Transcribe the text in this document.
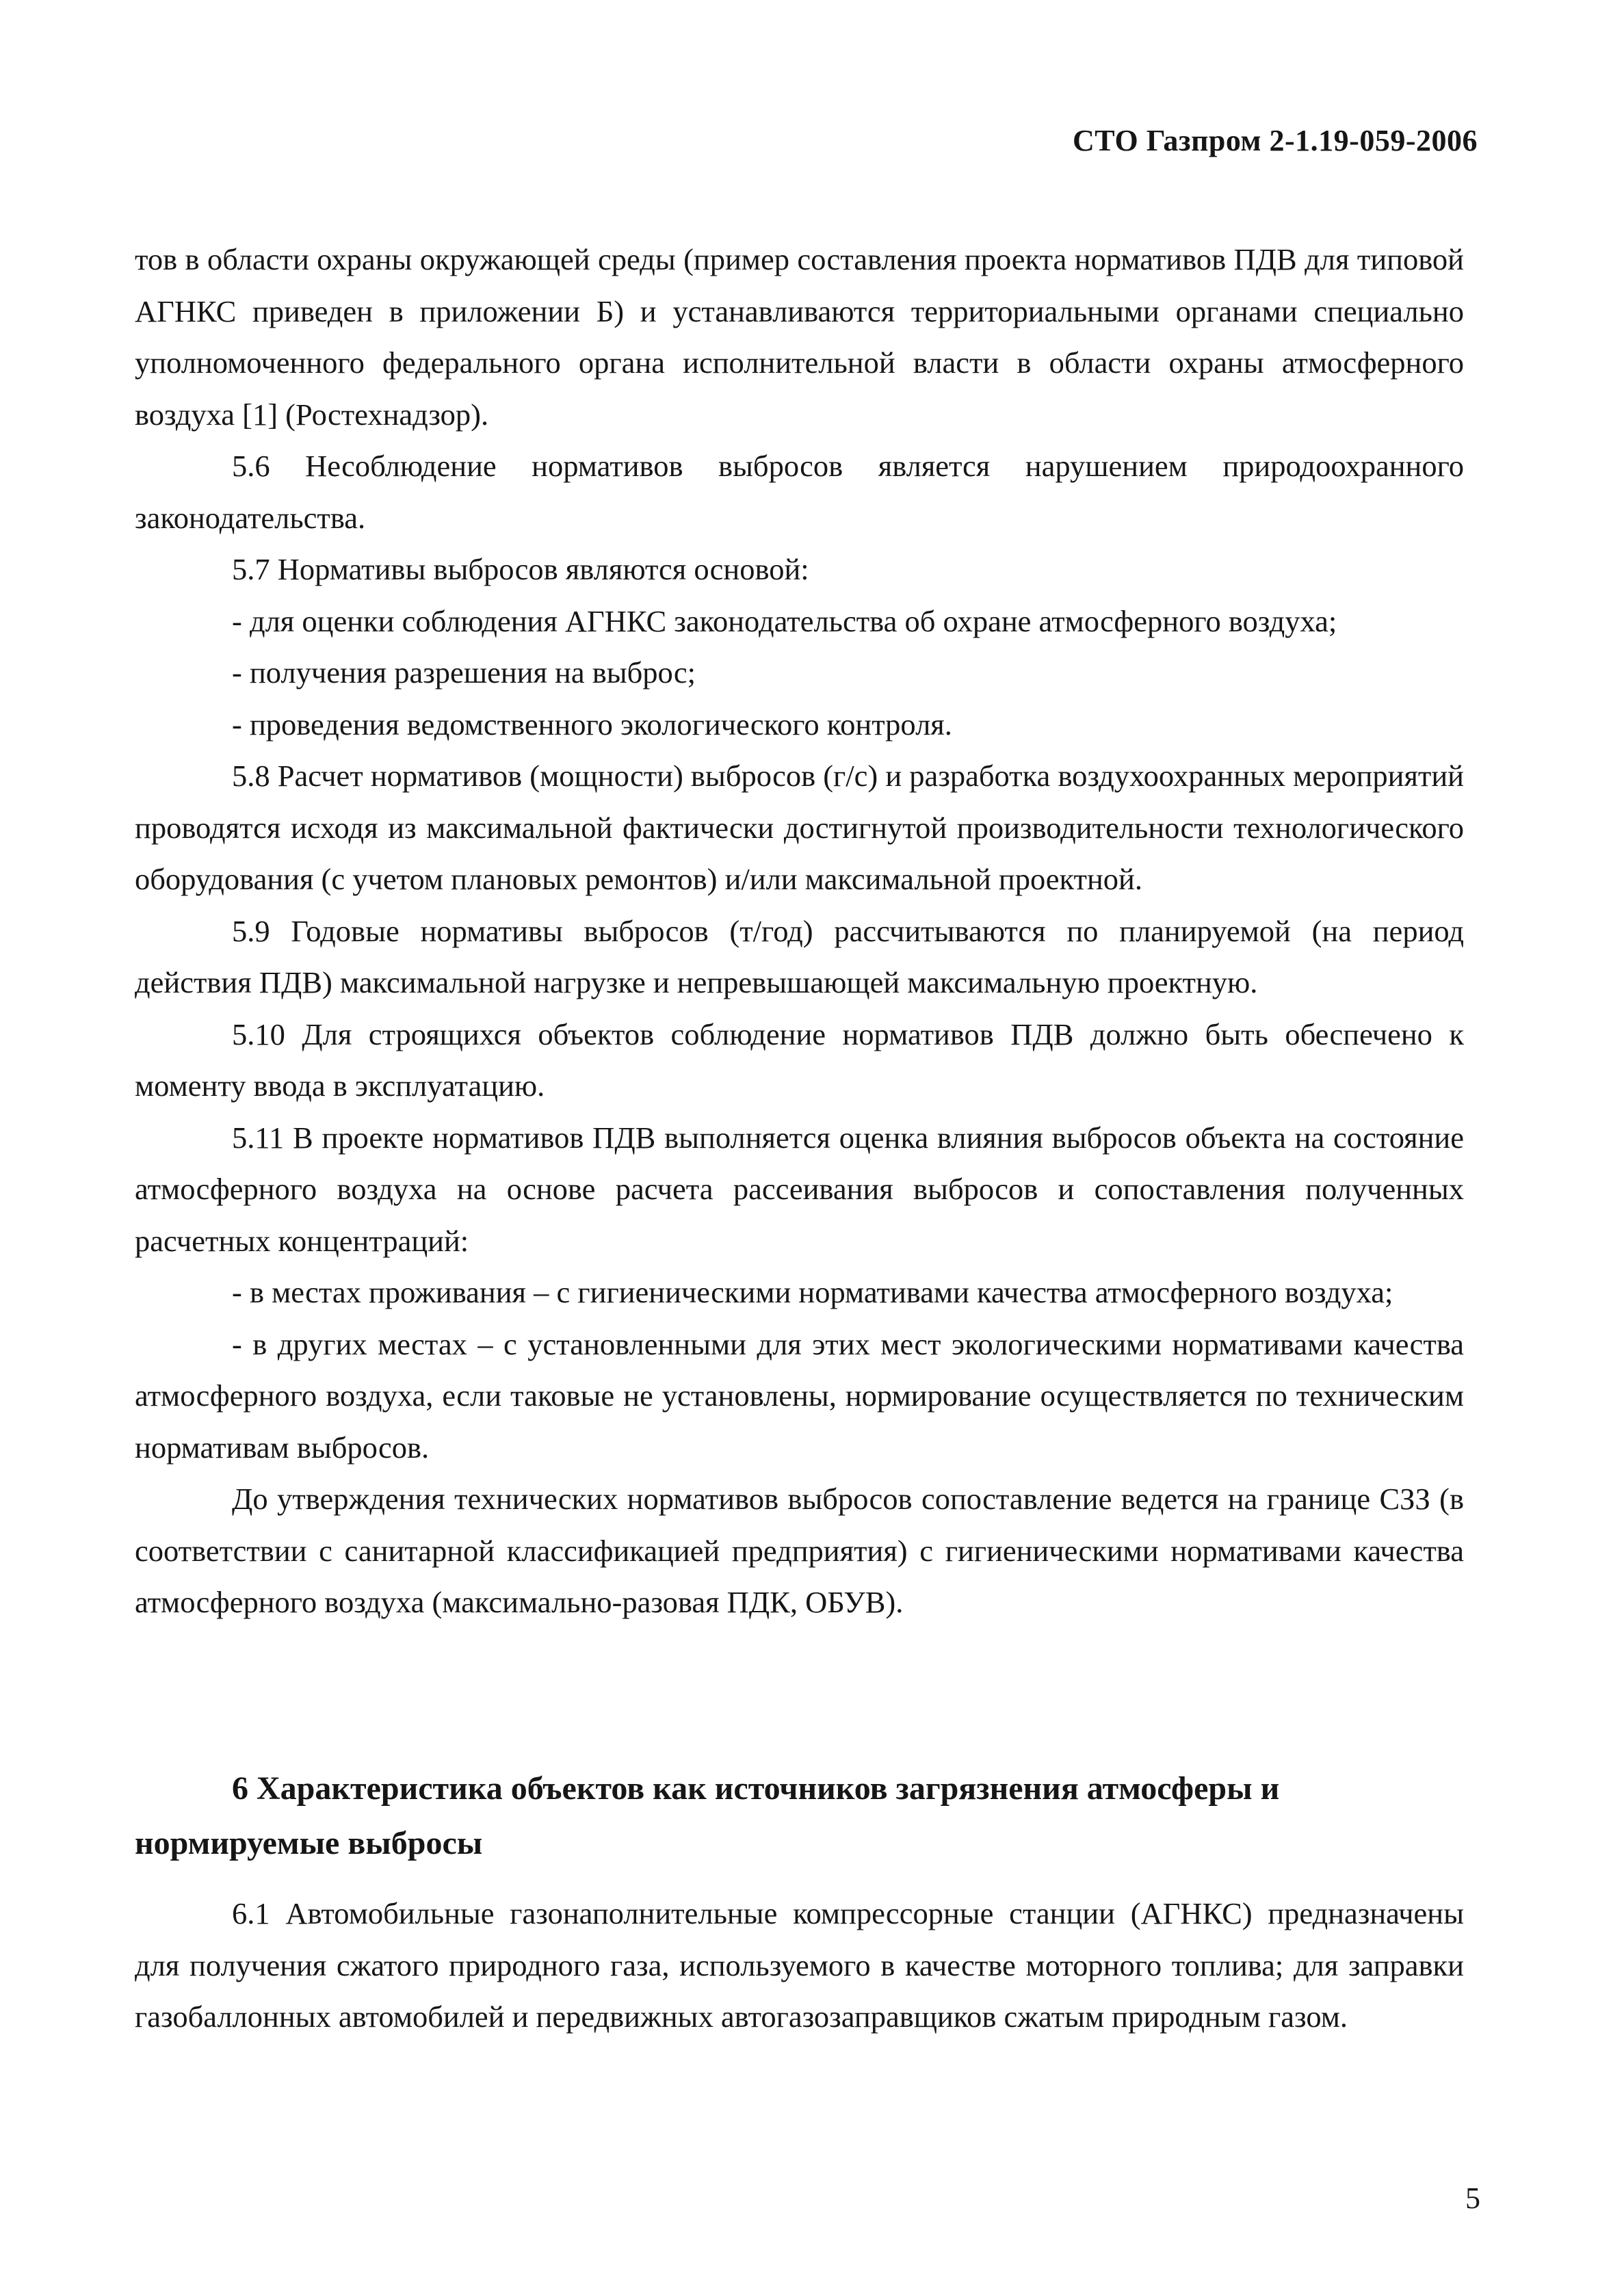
СТО Газпром 2-1.19-059-2006

тов в области охраны окружающей среды (пример составления проекта нормативов ПДВ для типовой АГНКС приведен в приложении Б) и устанавливаются территориальными органами специально уполномоченного федерального органа исполнительной власти в области охраны атмосферного воздуха [1] (Ростехнадзор).

5.6 Несоблюдение нормативов выбросов является нарушением природоохранного законодательства.

5.7 Нормативы выбросов являются основой:

- для оценки соблюдения АГНКС законодательства об охране атмосферного воздуха;

- получения разрешения на выброс;

- проведения ведомственного экологического контроля.

5.8 Расчет нормативов (мощности) выбросов (г/с) и разработка воздухоохранных мероприятий проводятся исходя из максимальной фактически достигнутой производительности технологического оборудования (с учетом плановых ремонтов) и/или максимальной проектной.

5.9 Годовые нормативы выбросов (т/год) рассчитываются по планируемой (на период действия ПДВ) максимальной нагрузке и непревышающей максимальную проектную.

5.10 Для строящихся объектов соблюдение нормативов ПДВ должно быть обеспечено к моменту ввода в эксплуатацию.

5.11 В проекте нормативов ПДВ выполняется оценка влияния выбросов объекта на состояние атмосферного воздуха на основе расчета рассеивания выбросов и сопоставления полученных расчетных концентраций:

- в местах проживания – с гигиеническими нормативами качества атмосферного воздуха;

- в других местах – с установленными для этих мест экологическими нормативами качества атмосферного воздуха, если таковые не установлены, нормирование осуществляется по техническим нормативам выбросов.

До утверждения технических нормативов выбросов сопоставление ведется на границе СЗЗ (в соответствии с санитарной классификацией предприятия) с гигиеническими нормативами качества атмосферного воздуха (максимально-разовая ПДК, ОБУВ).

6 Характеристика объектов как источников загрязнения атмосферы и нормируемые выбросы

6.1 Автомобильные газонаполнительные компрессорные станции (АГНКС) предназначены для получения сжатого природного газа, используемого в качестве моторного топлива; для заправки газобаллонных автомобилей и передвижных автогазозаправщиков сжатым природным газом.

5
